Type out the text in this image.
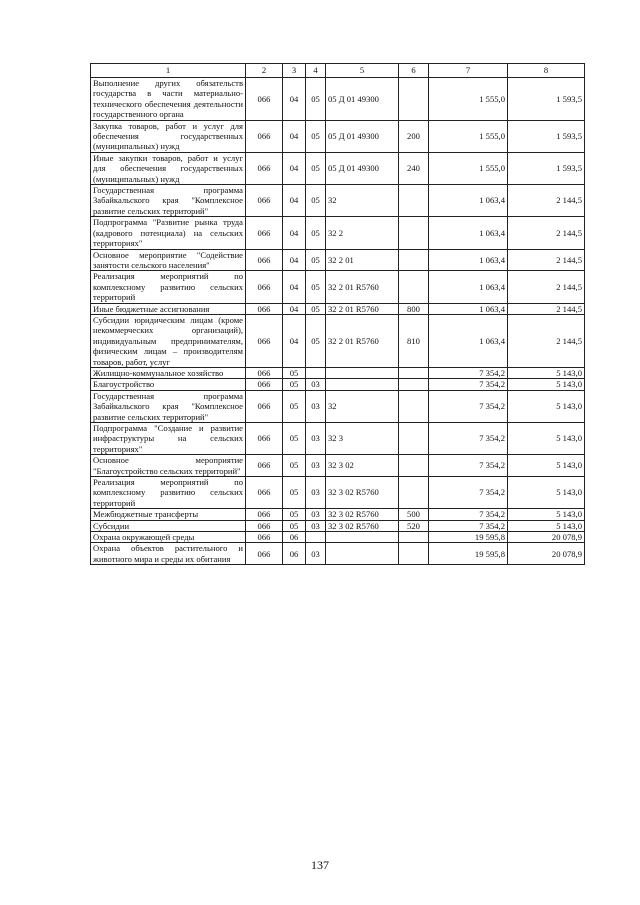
1	2	3	4	5	6	7	8
Выполнение других обязательств государства в части материально-технического обеспечения деятельности государственного органа	066	04	05	05 Д 01 49300		1 555,0	1 593,5
Закупка товаров, работ и услуг для обеспечения государственных (муниципальных) нужд	066	04	05	05 Д 01 49300	200	1 555,0	1 593,5
Иные закупки товаров, работ и услуг для обеспечения государственных (муниципальных) нужд	066	04	05	05 Д 01 49300	240	1 555,0	1 593,5
Государственная программа Забайкальского края "Комплексное развитие сельских территорий"	066	04	05	32		1 063,4	2 144,5
Подпрограмма "Развитие рынка труда (кадрового потенциала) на сельских территориях"	066	04	05	32 2		1 063,4	2 144,5
Основное мероприятие "Содействие занятости сельского населения"	066	04	05	32 2 01		1 063,4	2 144,5
Реализация мероприятий по комплексному развитию сельских территорий	066	04	05	32 2 01 R5760		1 063,4	2 144,5
Иные бюджетные ассигнования	066	04	05	32 2 01 R5760	800	1 063,4	2 144,5
Субсидии юридическим лицам (кроме некоммерческих организаций), индивидуальным предпринимателям, физическим лицам – производителям товаров, работ, услуг	066	04	05	32 2 01 R5760	810	1 063,4	2 144,5
Жилищно-коммунальное хозяйство	066	05				7 354,2	5 143,0
Благоустройство	066	05	03			7 354,2	5 143,0
Государственная программа Забайкальского края "Комплексное развитие сельских территорий"	066	05	03	32		7 354,2	5 143,0
Подпрограмма "Создание и развитие инфраструктуры на сельских территориях"	066	05	03	32 3		7 354,2	5 143,0
Основное мероприятие "Благоустройство сельских территорий"	066	05	03	32 3 02		7 354,2	5 143,0
Реализация мероприятий по комплексному развитию сельских территорий	066	05	03	32 3 02 R5760		7 354,2	5 143,0
Межбюджетные трансферты	066	05	03	32 3 02 R5760	500	7 354,2	5 143,0
Субсидии	066	05	03	32 3 02 R5760	520	7 354,2	5 143,0
Охрана окружающей среды	066	06				19 595,8	20 078,9
Охрана объектов растительного и животного мира и среды их обитания	066	06	03			19 595,8	20 078,9
137
